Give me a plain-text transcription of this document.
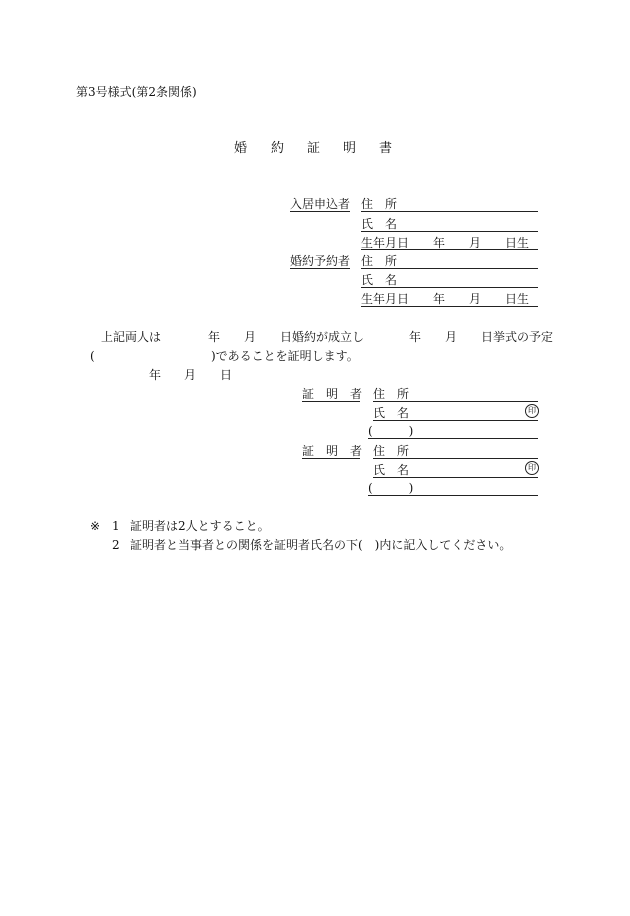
第3号様式(第2条関係)
婚 約 証 明 書
入居申込者 住　所
氏　名
生年月日 年 月 日生
婚約予約者 住　所
氏　名
生年月日 年 月 日生
上記両人は	年 月 日婚約が成立し	年 月 日挙式の予定
(	)であることを証明します。
年 月 日
証　明　者 住　所
氏　名	印
(　　　)
証　明　者 住　所
氏　名	印
(　　　)
※ 1 証明者は2人とすること。
2 証明者と当事者との関係を証明者氏名の下(　)内に記入してください。
